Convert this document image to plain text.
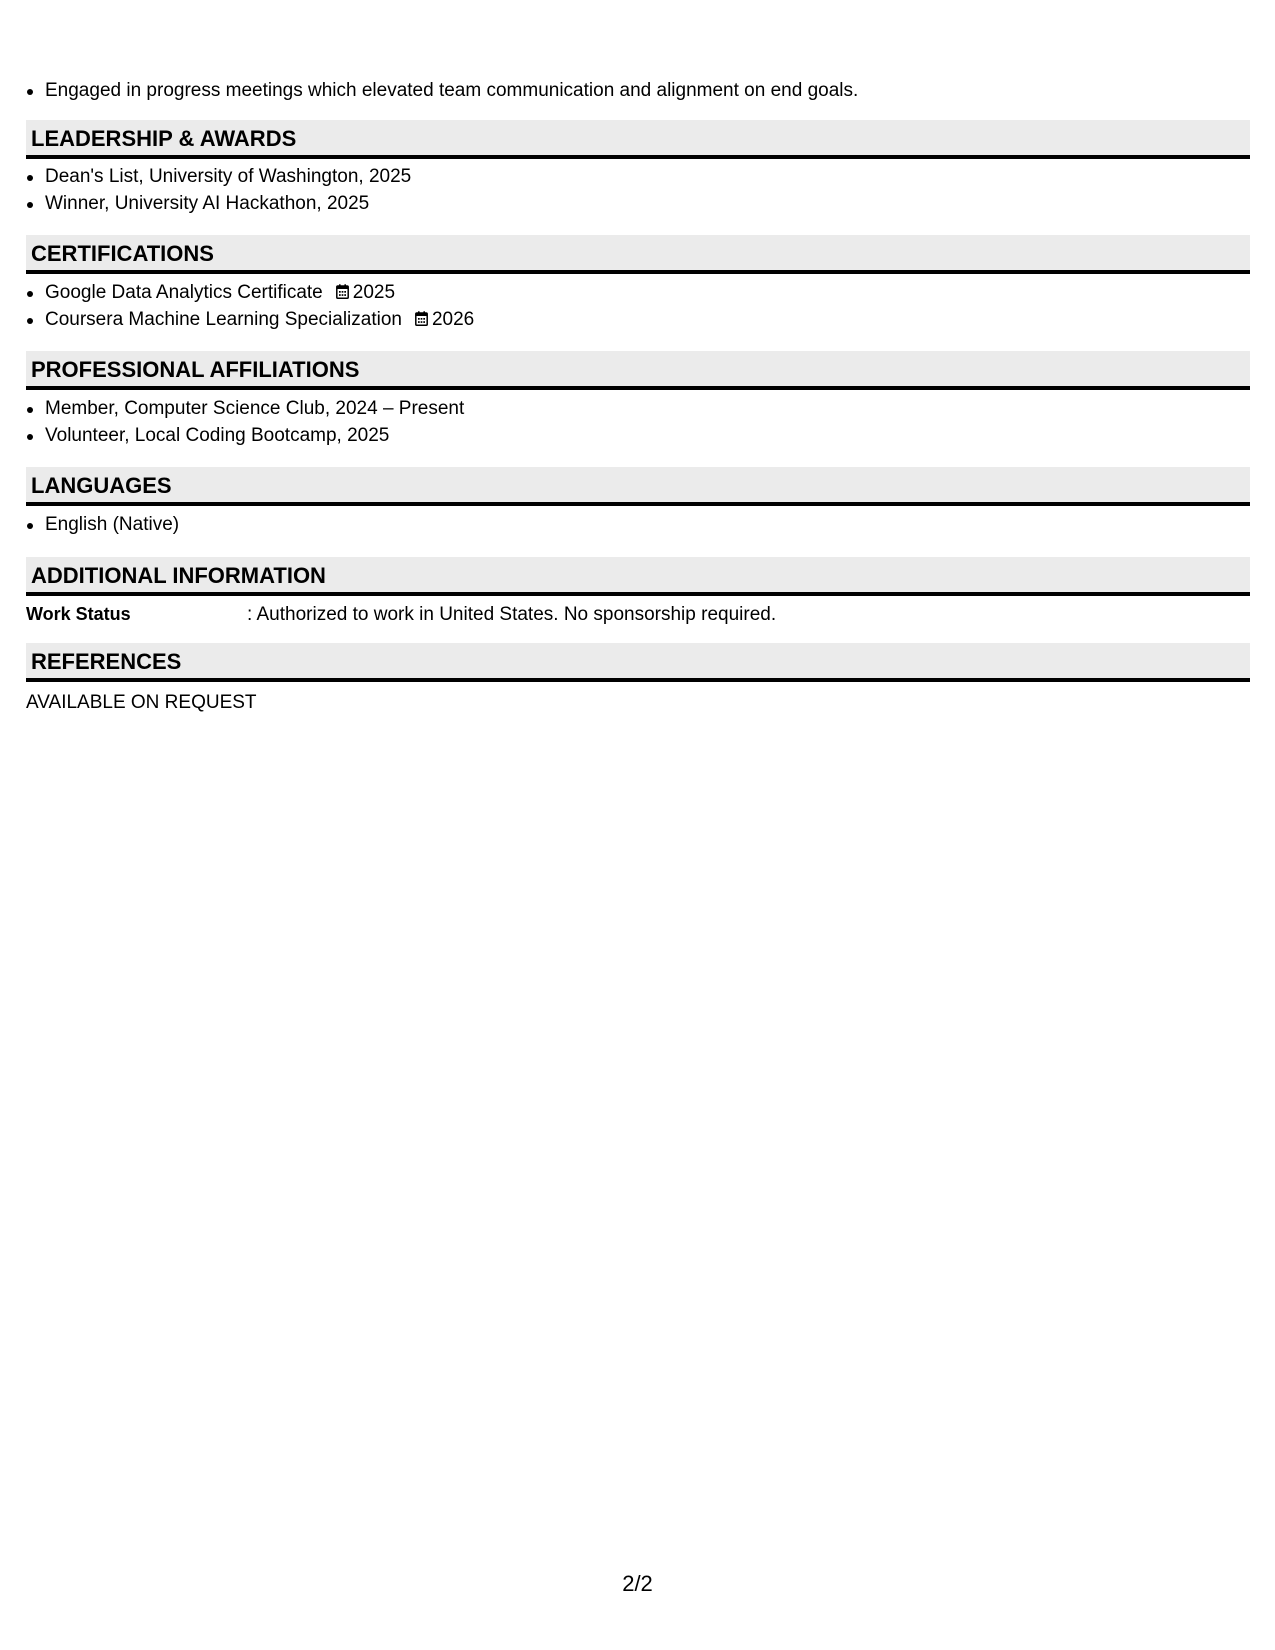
Engaged in progress meetings which elevated team communication and alignment on end goals.
LEADERSHIP & AWARDS
Dean's List, University of Washington, 2025
Winner, University AI Hackathon, 2025
CERTIFICATIONS
Google Data Analytics Certificate 2025
Coursera Machine Learning Specialization 2026
PROFESSIONAL AFFILIATIONS
Member, Computer Science Club, 2024 – Present
Volunteer, Local Coding Bootcamp, 2025
LANGUAGES
English (Native)
ADDITIONAL INFORMATION
Work Status	: Authorized to work in United States. No sponsorship required.
REFERENCES
AVAILABLE ON REQUEST
2/2
